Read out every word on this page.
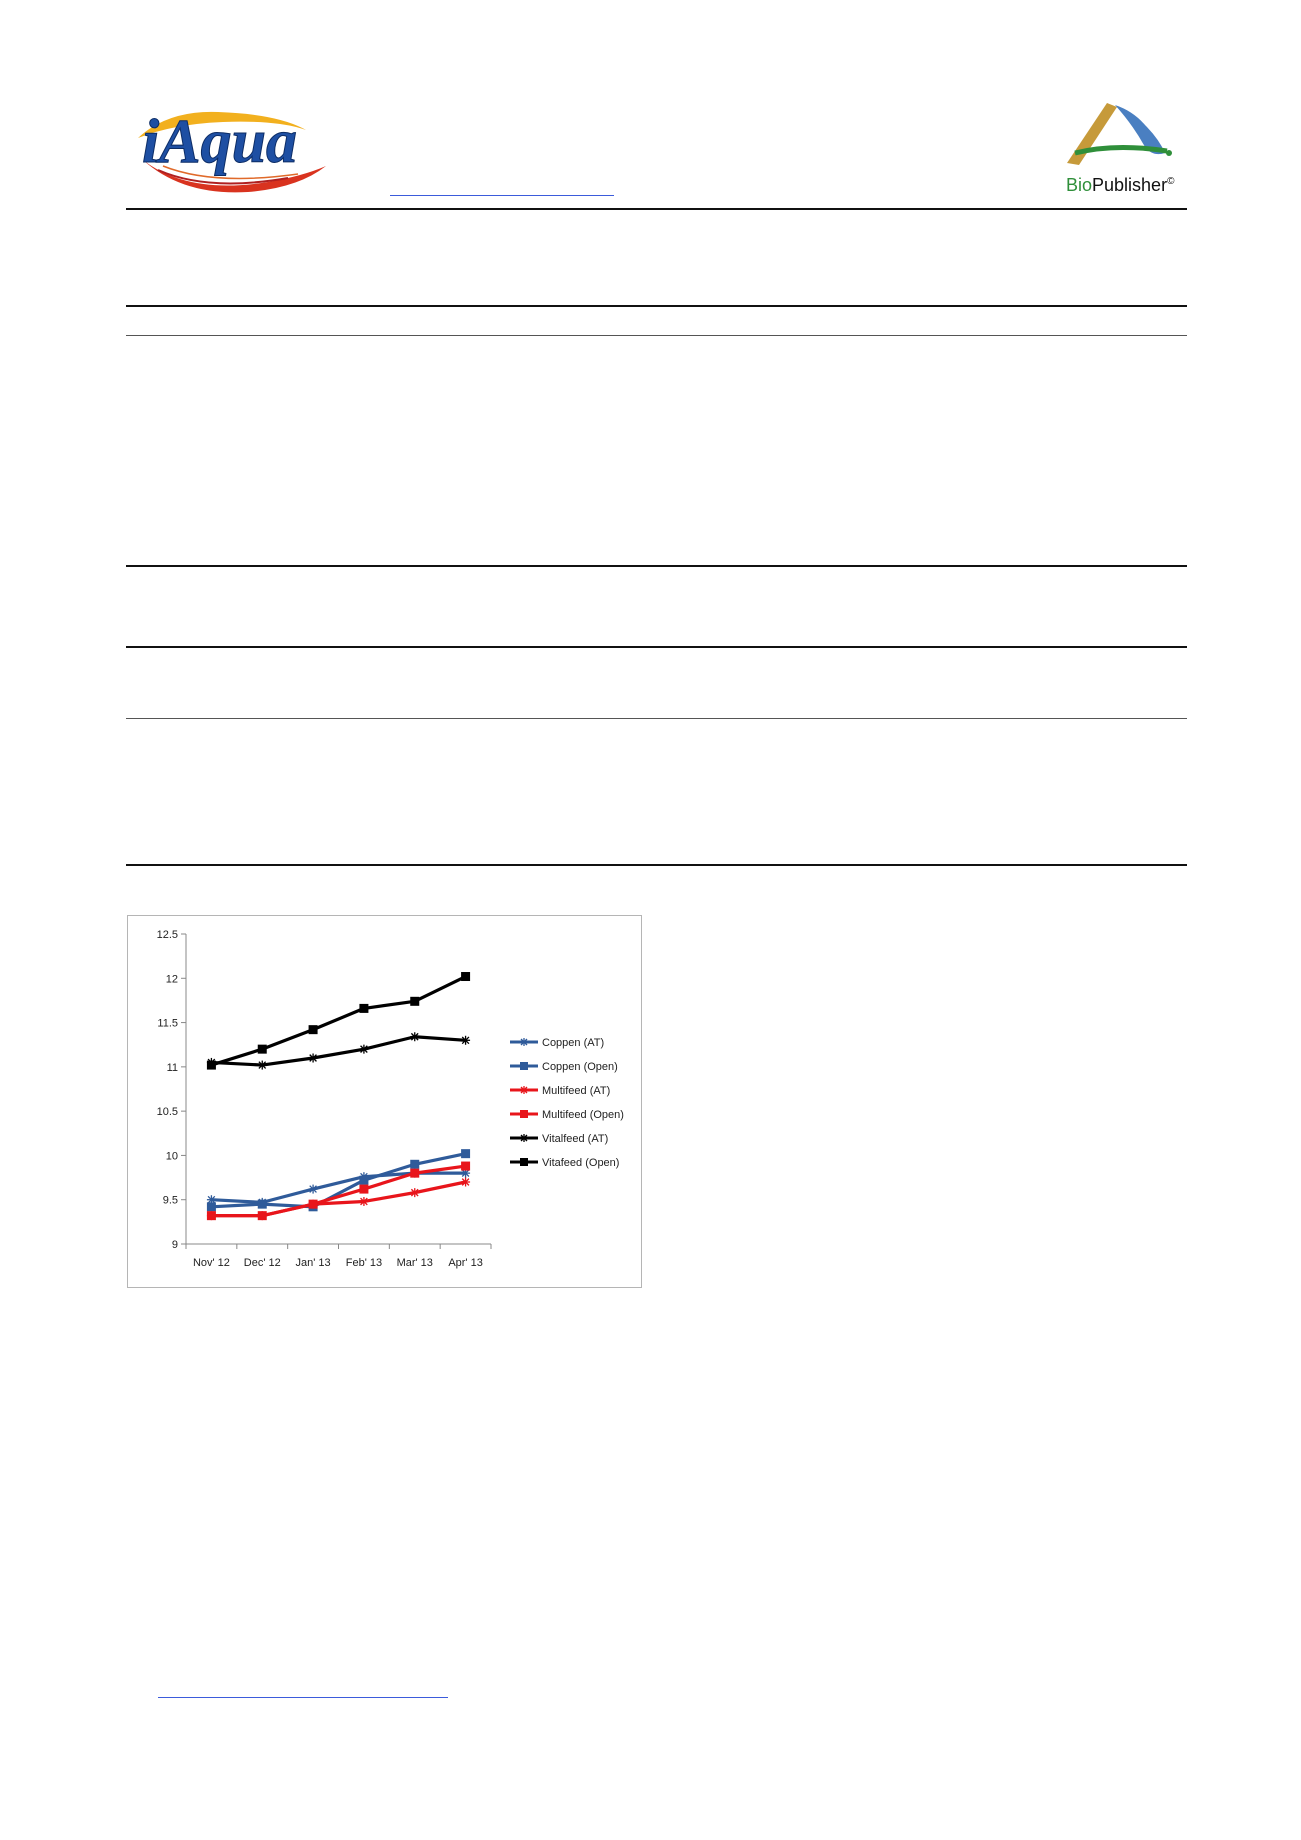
iAqua
BioPublisher©
9
9.5
10
10.5
11
11.5
12
12.5
Nov' 12 Dec' 12 Jan' 13 Feb' 13 Mar' 13 Apr' 13
Coppen (AT)
Coppen (Open)
Multifeed (AT)
Multifeed (Open)
Vitalfeed (AT)
Vitafeed (Open)
